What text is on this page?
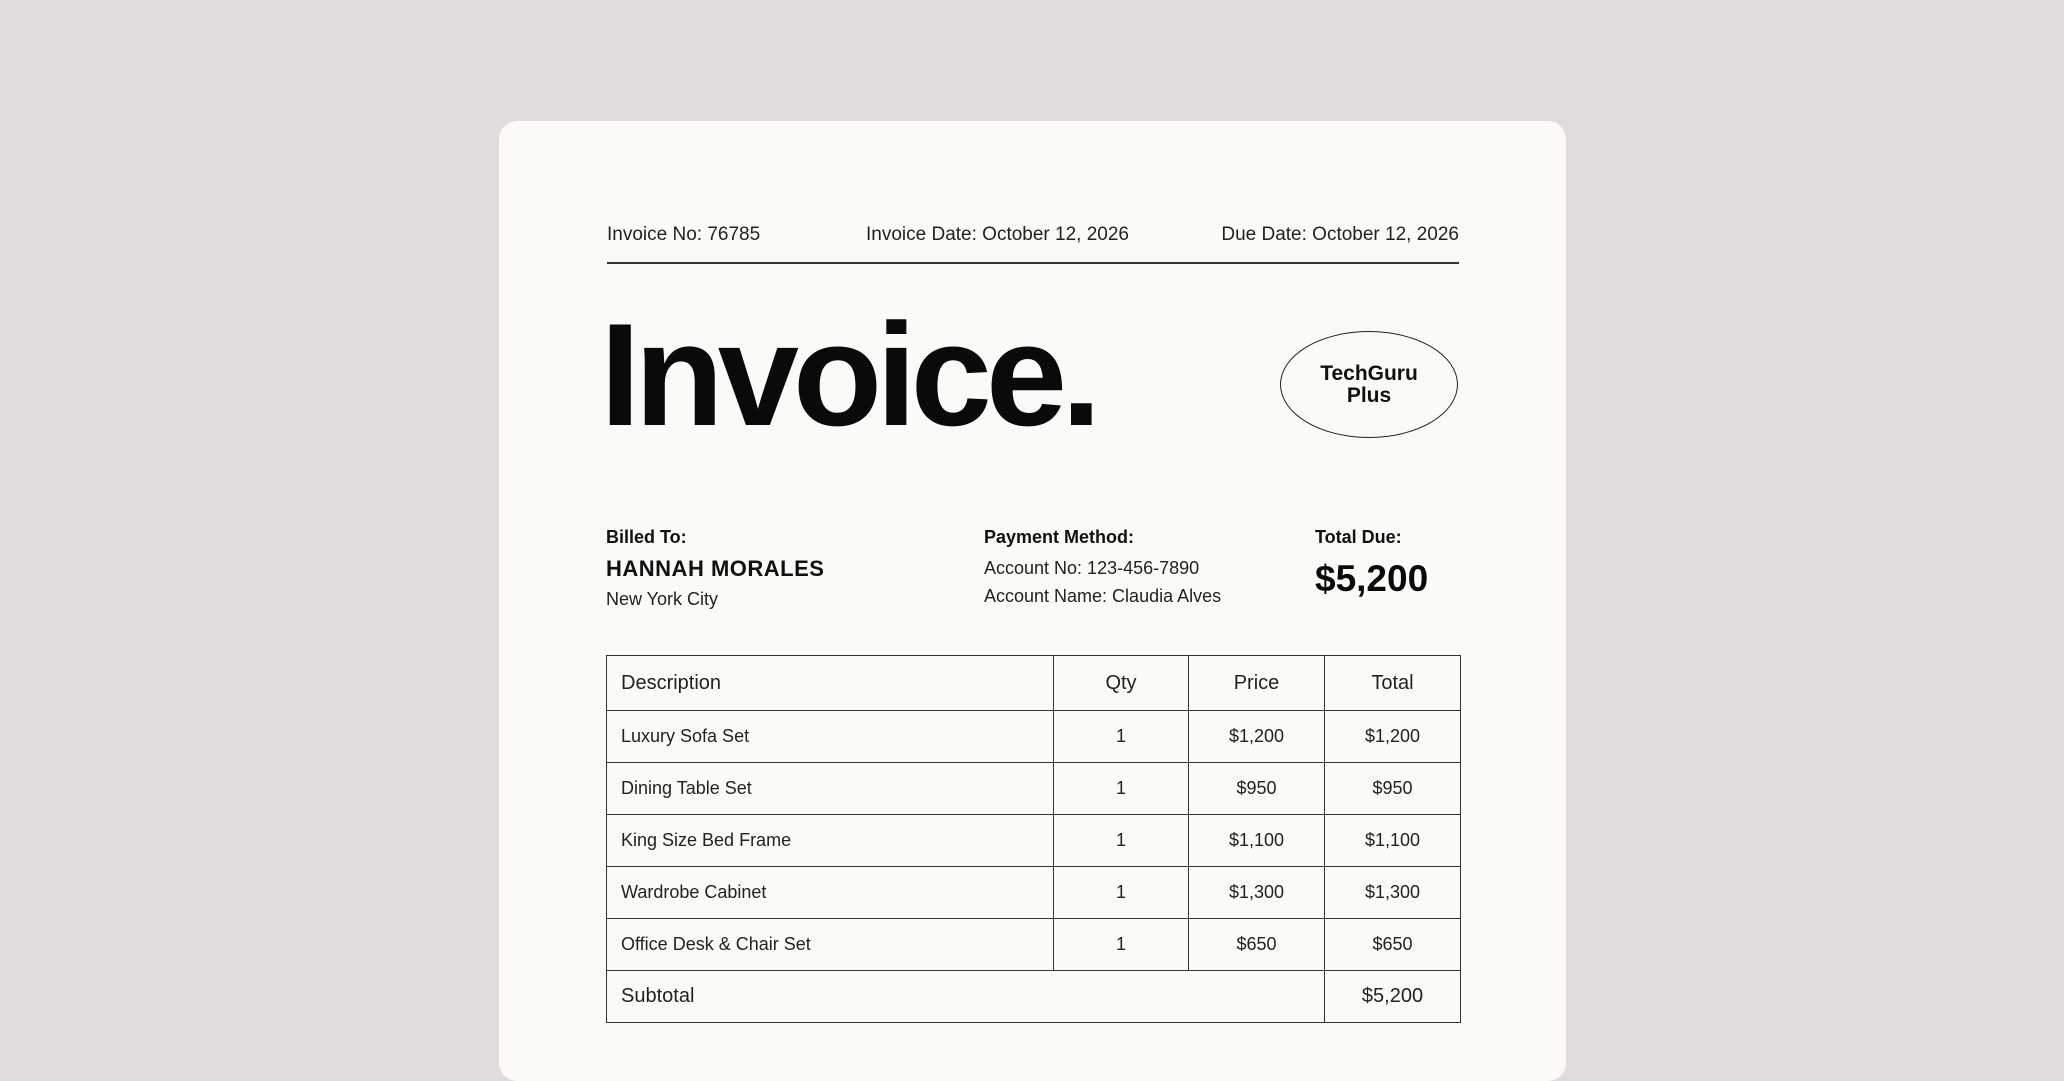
Invoice No: 76785	Invoice Date: October 12, 2026	Due Date: October 12, 2026
Invoice.	TechGuru
Plus
Billed To:
HANNAH MORALES
New York City
Payment Method:
Account No: 123-456-7890
Account Name: Claudia Alves
Total Due:
$5,200
Description	Qty	Price	Total
Luxury Sofa Set	1	$1,200	$1,200
Dining Table Set	1	$950	$950
King Size Bed Frame	1	$1,100	$1,100
Wardrobe Cabinet	1	$1,300	$1,300
Office Desk & Chair Set	1	$650	$650
Subtotal			$5,200
